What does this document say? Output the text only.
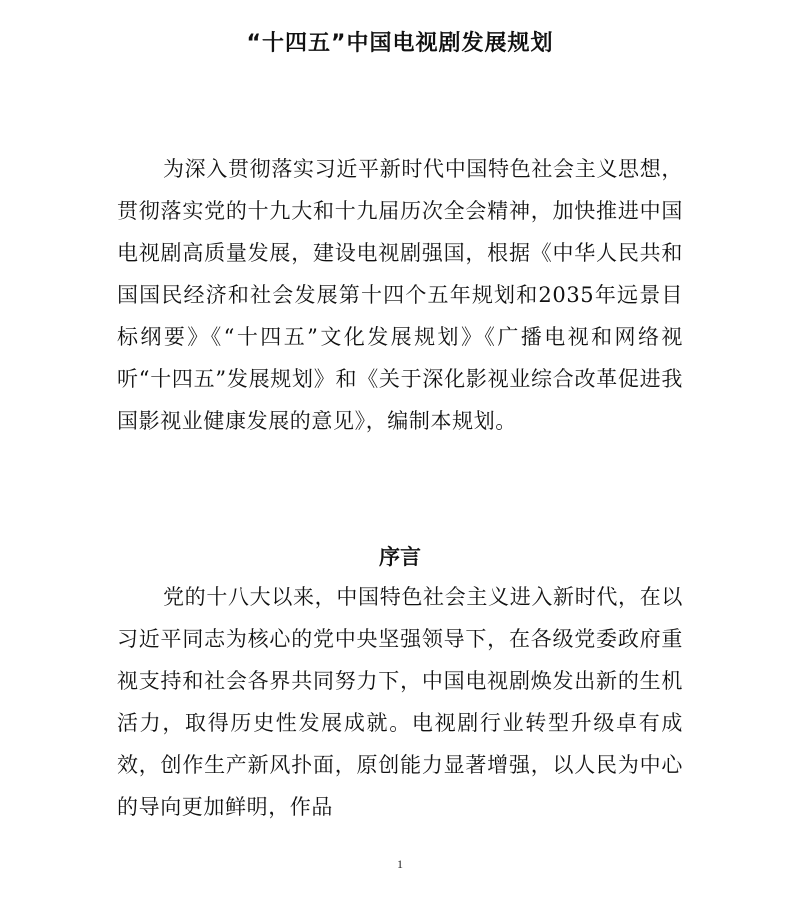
“十四五”中国电视剧发展规划

为深入贯彻落实习近平新时代中国特色社会主义思想，贯彻落实党的十九大和十九届历次全会精神，加快推进中国电视剧高质量发展，建设电视剧强国，根据《中华人民共和国国民经济和社会发展第十四个五年规划和2035年远景目标纲要》《“十四五”文化发展规划》《广播电视和网络视听“十四五”发展规划》和《关于深化影视业综合改革促进我国影视业健康发展的意见》，编制本规划。

序言

党的十八大以来，中国特色社会主义进入新时代，在以习近平同志为核心的党中央坚强领导下，在各级党委政府重视支持和社会各界共同努力下，中国电视剧焕发出新的生机活力，取得历史性发展成就。电视剧行业转型升级卓有成效，创作生产新风扑面，原创能力显著增强，以人民为中心的导向更加鲜明，作品

1
